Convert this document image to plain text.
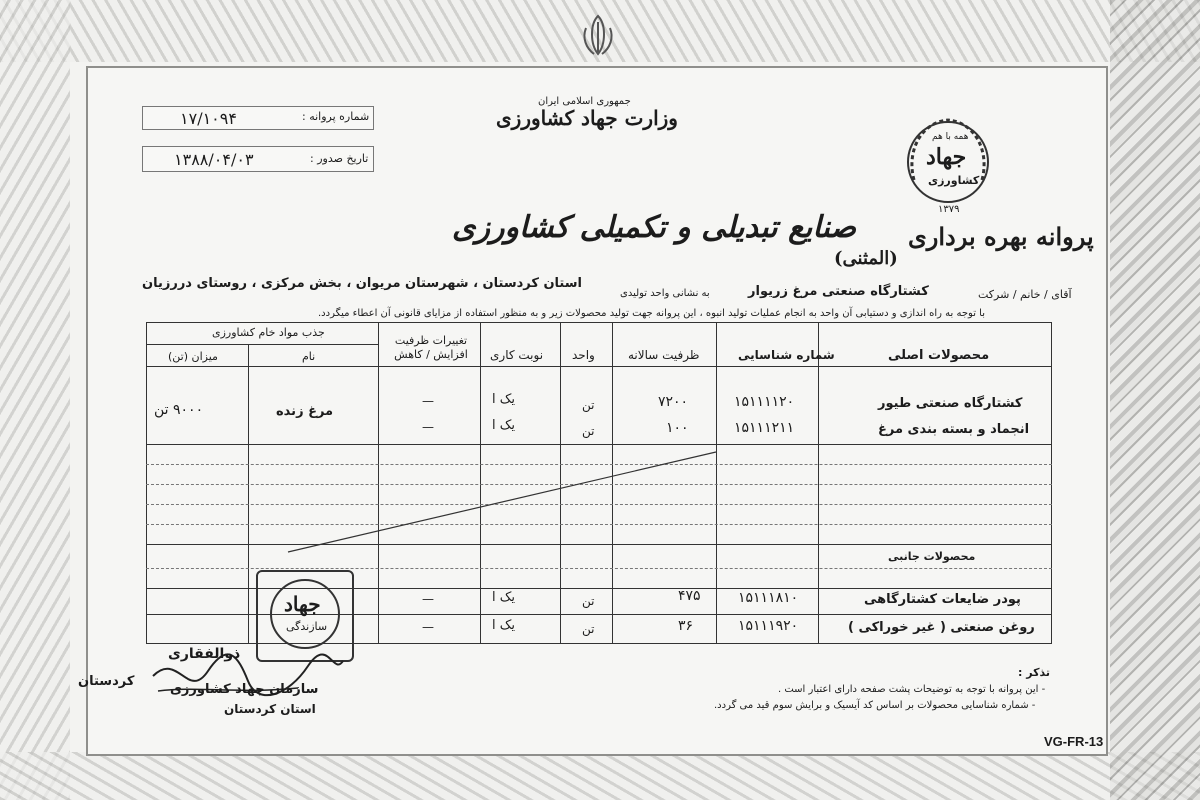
جمهوری اسلامی ایران
وزارت جهاد کشاورزی
شماره پروانه :
۱۷/۱۰۹۴
تاریخ صدور :
۱۳۸۸/۰۴/۰۳
همه با هم
جهاد
کشاورزی
۱۳۷۹
پروانه بهره برداری
صنایع تبدیلی و تکمیلی کشاورزی
(المثنی)
آقای / خانم / شرکت
کشتارگاه صنعتی مرغ زریوار
به نشانی واحد تولیدی
استان کردستان ، شهرستان مریوان ، بخش مرکزی ، روستای دررزیان
با توجه به راه اندازی و دستیابی آن واحد به انجام عملیات تولید انبوه ، این پروانه جهت تولید محصولات زیر و به منظور استفاده از مزایای قانونی آن اعطاء میگردد.
محصولات اصلی
شماره شناسایی
ظرفیت سالانه
واحد
نوبت کاری
تغییرات ظرفیت افزایش / کاهش
جذب مواد خام کشاورزی
نام
میزان (تن)
کشتارگاه صنعتی طیور
۱۵۱۱۱۱۲۰
۷۲۰۰
تن
یک ا
—
انجماد و بسته بندی مرغ
۱۵۱۱۱۲۱۱
۱۰۰
تن
یک ا
—
مرغ زنده
۹۰۰۰ تن
محصولات جانبی
پودر ضایعات کشتارگاهی
۱۵۱۱۱۸۱۰
۴۷۵
تن
یک ا
—
روغن صنعتی ( غیر خوراکی )
۱۵۱۱۱۹۲۰
۳۶
تن
یک ا
—
جهاد
سازندگی
ذوالفقاری
سازمان جهاد کشاورزی
استان کردستان
کردستان
تذکر :
- این پروانه با توجه به توضیحات پشت صفحه دارای اعتبار است .
- شماره شناسایی محصولات بر اساس کد آیسیک و برایش سوم قید می گردد.
VG-FR-13
